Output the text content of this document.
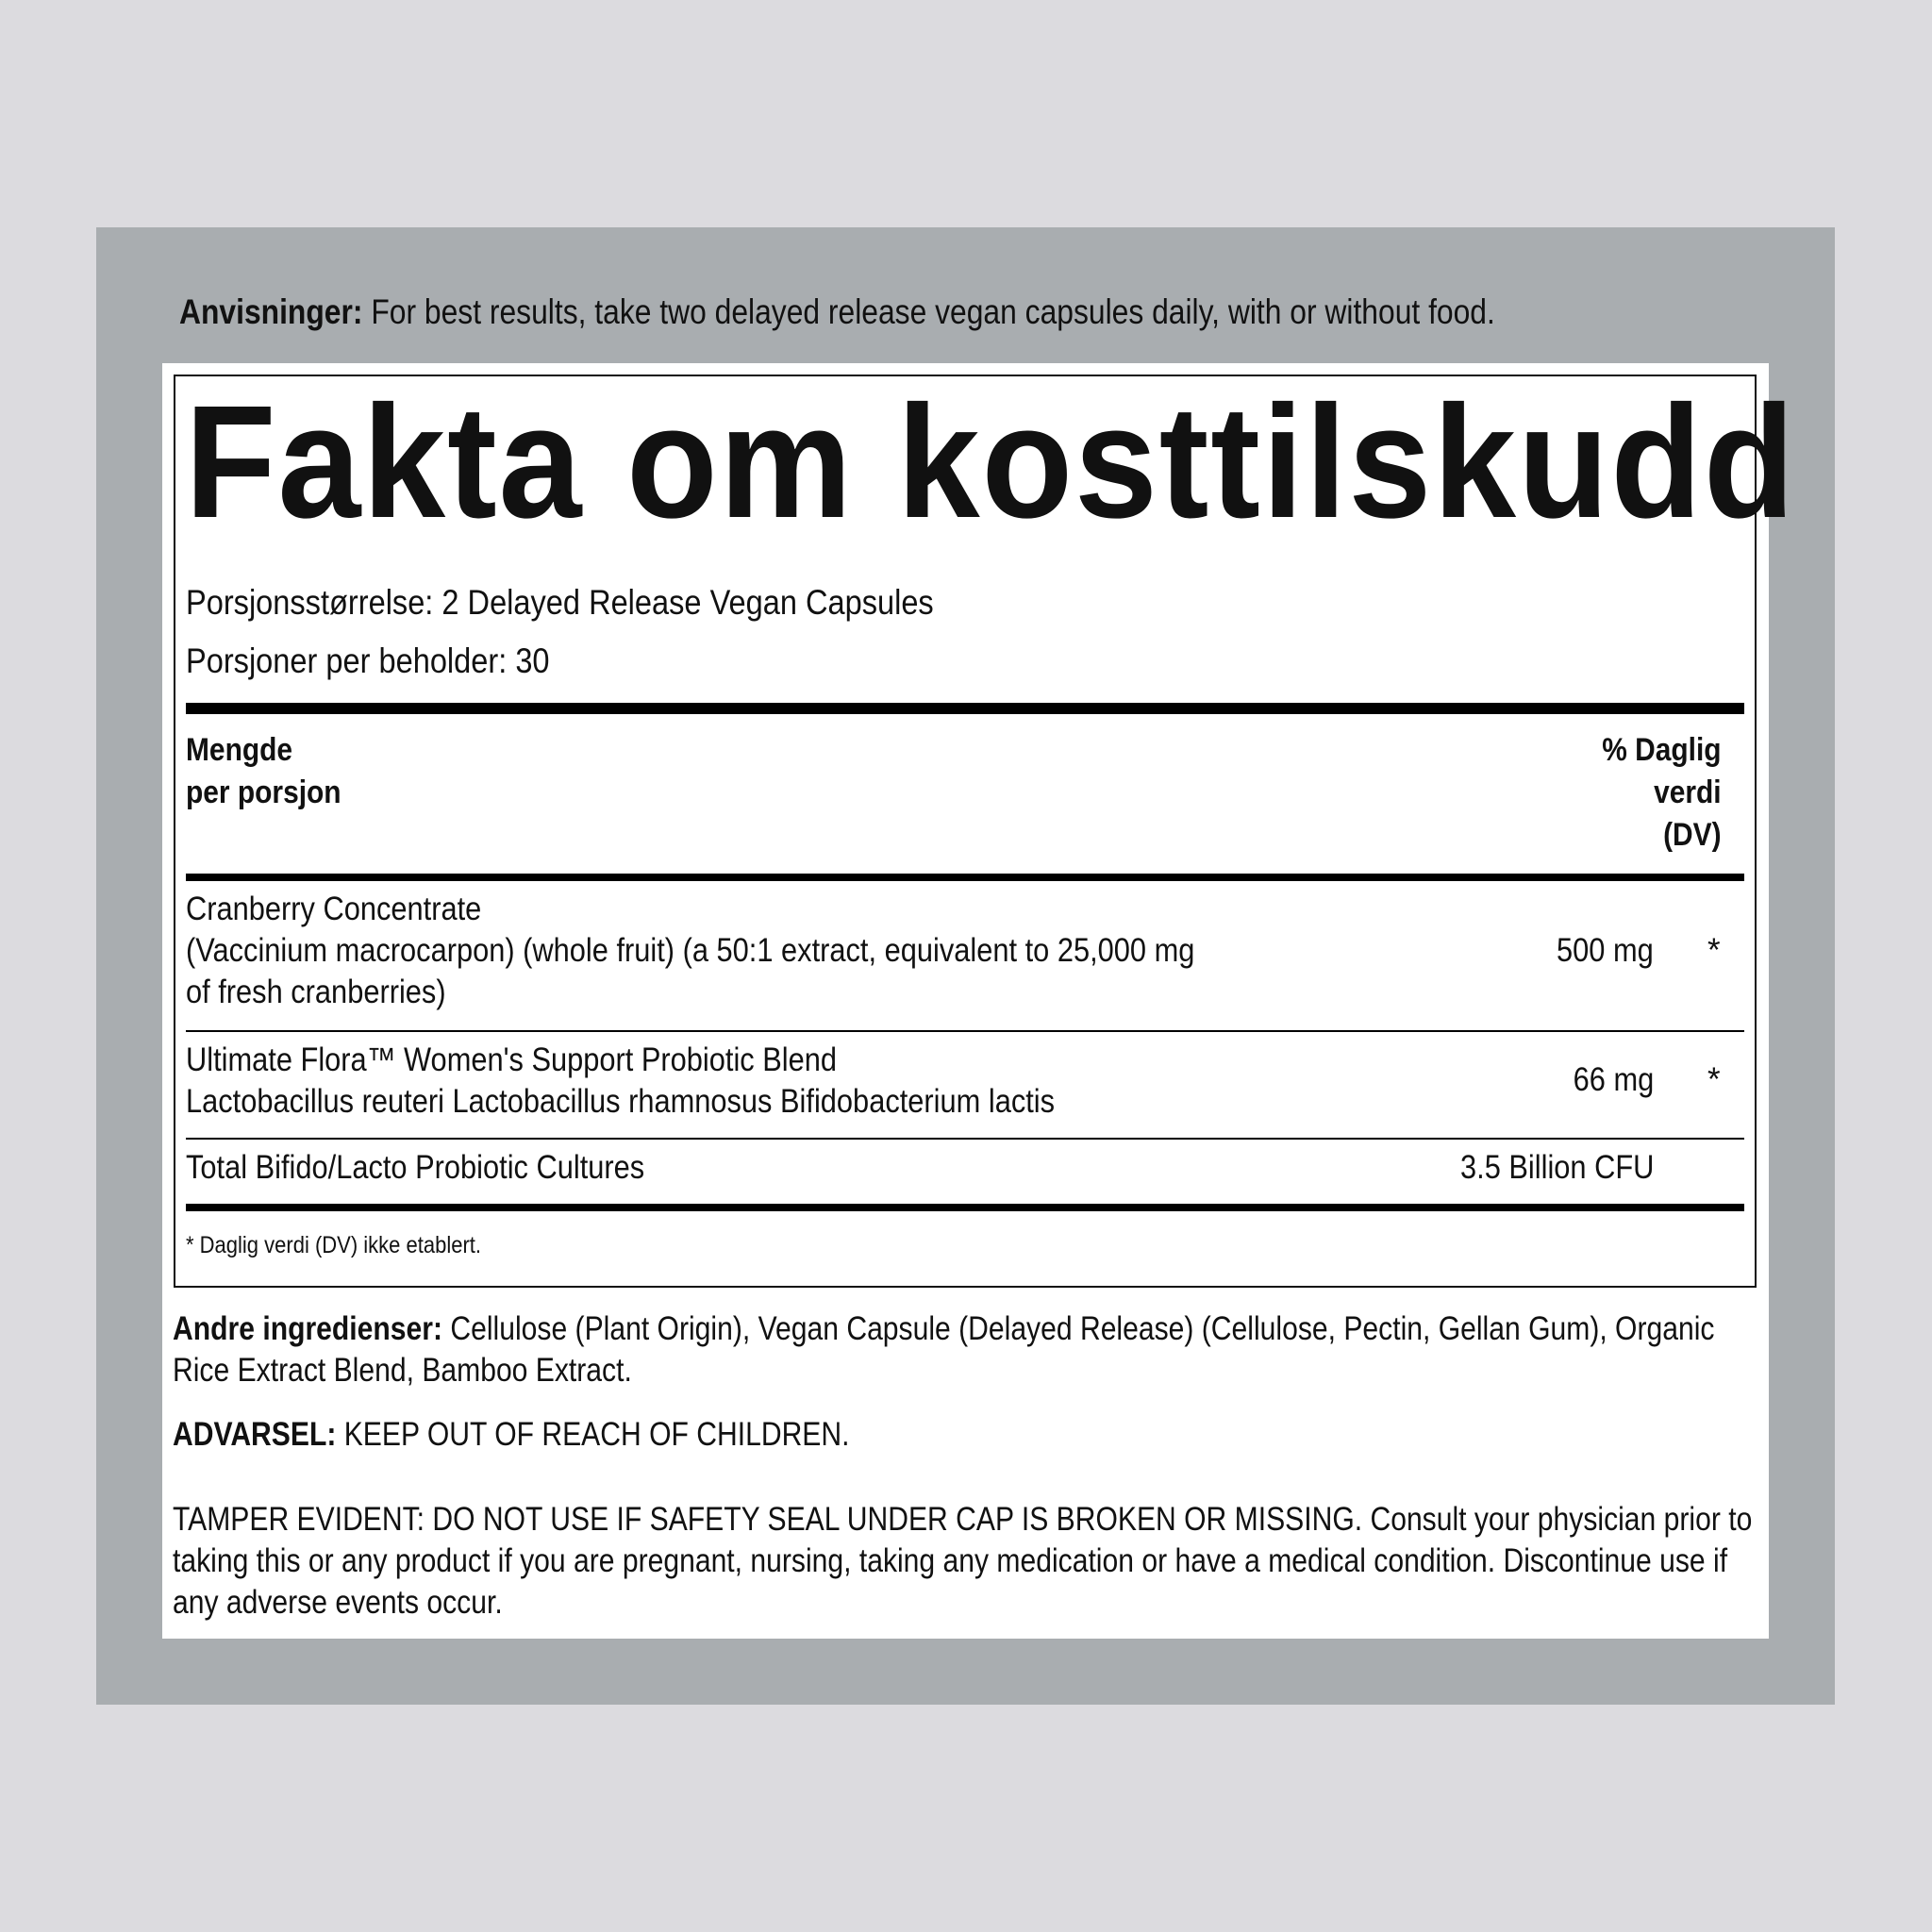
Anvisninger: For best results, take two delayed release vegan capsules daily, with or without food.
Fakta om kosttilskudd
Porsjonsstørrelse: 2 Delayed Release Vegan Capsules
Porsjoner per beholder: 30
Mengde
per porsjon
% Daglig
verdi
(DV)
Cranberry Concentrate
(Vaccinium macrocarpon) (whole fruit) (a 50:1 extract, equivalent to 25,000 mg
of fresh cranberries)
500 mg *
Ultimate Flora™ Women's Support Probiotic Blend
Lactobacillus reuteri Lactobacillus rhamnosus Bifidobacterium lactis
66 mg *
Total Bifido/Lacto Probiotic Cultures	3.5 Billion CFU
* Daglig verdi (DV) ikke etablert.
Andre ingredienser: Cellulose (Plant Origin), Vegan Capsule (Delayed Release) (Cellulose, Pectin, Gellan Gum), Organic Rice Extract Blend, Bamboo Extract.
ADVARSEL: KEEP OUT OF REACH OF CHILDREN.
TAMPER EVIDENT: DO NOT USE IF SAFETY SEAL UNDER CAP IS BROKEN OR MISSING. Consult your physician prior to taking this or any product if you are pregnant, nursing, taking any medication or have a medical condition. Discontinue use if any adverse events occur.
